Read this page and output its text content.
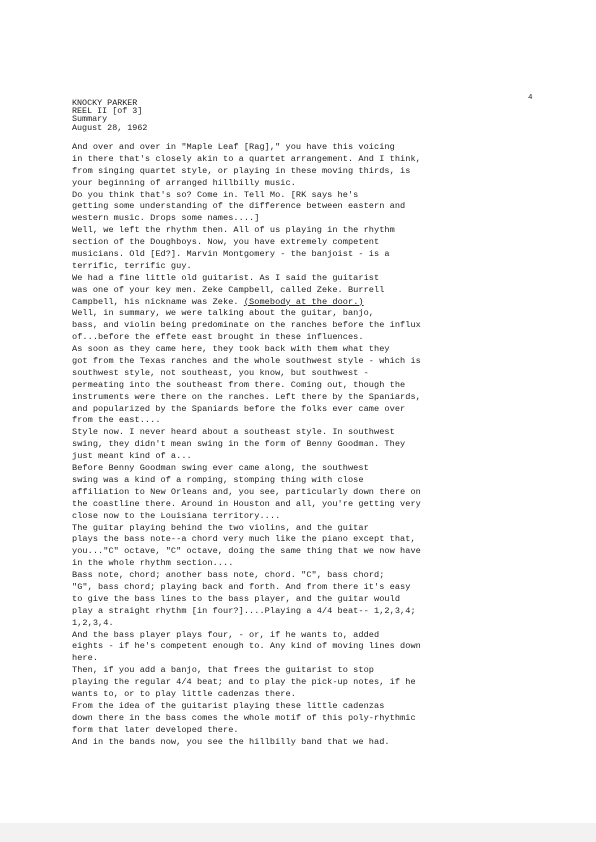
4
KNOCKY PARKER
REEL II [of 3]
Summary
August 28, 1962
And over and over in "Maple Leaf [Rag]," you have this voicing
in there that's closely akin to a quartet arrangement. And I think,
from singing quartet style, or playing in these moving thirds, is
your beginning of arranged hillbilly music.
Do you think that's so? Come in. Tell Mo. [RK says he's
getting some understanding of the difference between eastern and
western music. Drops some names....]
Well, we left the rhythm then. All of us playing in the rhythm
section of the Doughboys. Now, you have extremely competent
musicians. Old [Ed?]. Marvin Montgomery - the banjoist - is a
terrific, terrific guy.
We had a fine little old guitarist. As I said the guitarist
was one of your key men. Zeke Campbell, called Zeke. Burrell
Campbell, his nickname was Zeke. (Somebody at the door.)
Well, in summary, we were talking about the guitar, banjo,
bass, and violin being predominate on the ranches before the influx
of...before the effete east brought in these influences.
As soon as they came here, they took back with them what they
got from the Texas ranches and the whole southwest style - which is
southwest style, not southeast, you know, but southwest -
permeating into the southeast from there. Coming out, though the
instruments were there on the ranches. Left there by the Spaniards,
and popularized by the Spaniards before the folks ever came over
from the east....
Style now. I never heard about a southeast style. In southwest
swing, they didn't mean swing in the form of Benny Goodman. They
just meant kind of a...
Before Benny Goodman swing ever came along, the southwest
swing was a kind of a romping, stomping thing with close
affiliation to New Orleans and, you see, particularly down there on
the coastline there. Around in Houston and all, you're getting very
close now to the Louisiana territory....
The guitar playing behind the two violins, and the guitar
plays the bass note--a chord very much like the piano except that,
you..."C" octave, "C" octave, doing the same thing that we now have
in the whole rhythm section....
Bass note, chord; another bass note, chord. "C", bass chord;
"G", bass chord; playing back and forth. And from there it's easy
to give the bass lines to the bass player, and the guitar would
play a straight rhythm [in four?]....Playing a 4/4 beat-- 1,2,3,4;
1,2,3,4.
And the bass player plays four, - or, if he wants to, added
eights - if he's competent enough to. Any kind of moving lines down
here.
Then, if you add a banjo, that frees the guitarist to stop
playing the regular 4/4 beat; and to play the pick-up notes, if he
wants to, or to play little cadenzas there.
From the idea of the guitarist playing these little cadenzas
down there in the bass comes the whole motif of this poly-rhythmic
form that later developed there.
And in the bands now, you see the hillbilly band that we had.
